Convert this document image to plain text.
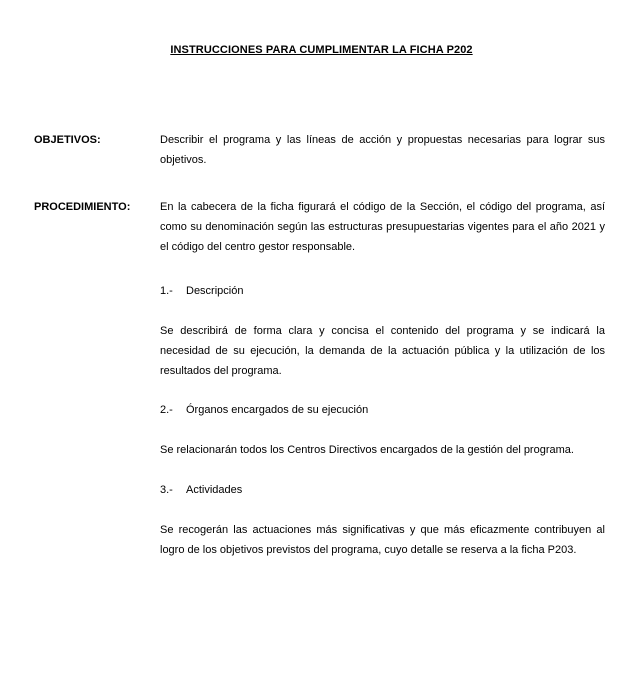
INSTRUCCIONES PARA CUMPLIMENTAR LA FICHA P202
OBJETIVOS:	Describir el programa y las líneas de acción y propuestas necesarias para lograr sus objetivos.

PROCEDIMIENTO:	En la cabecera de la ficha figurará el código de la Sección, el código del programa, así como su denominación según las estructuras presupuestarias vigentes para el año 2021 y el código del centro gestor responsable.

1.- Descripción

Se describirá de forma clara y concisa el contenido del programa y se indicará la necesidad de su ejecución, la demanda de la actuación pública y la utilización de los resultados del programa.

2.- Órganos encargados de su ejecución

Se relacionarán todos los Centros Directivos encargados de la gestión del programa.

3.- Actividades

Se recogerán las actuaciones más significativas y que más eficazmente contribuyen al logro de los objetivos previstos del programa, cuyo detalle se reserva a la ficha P203.
